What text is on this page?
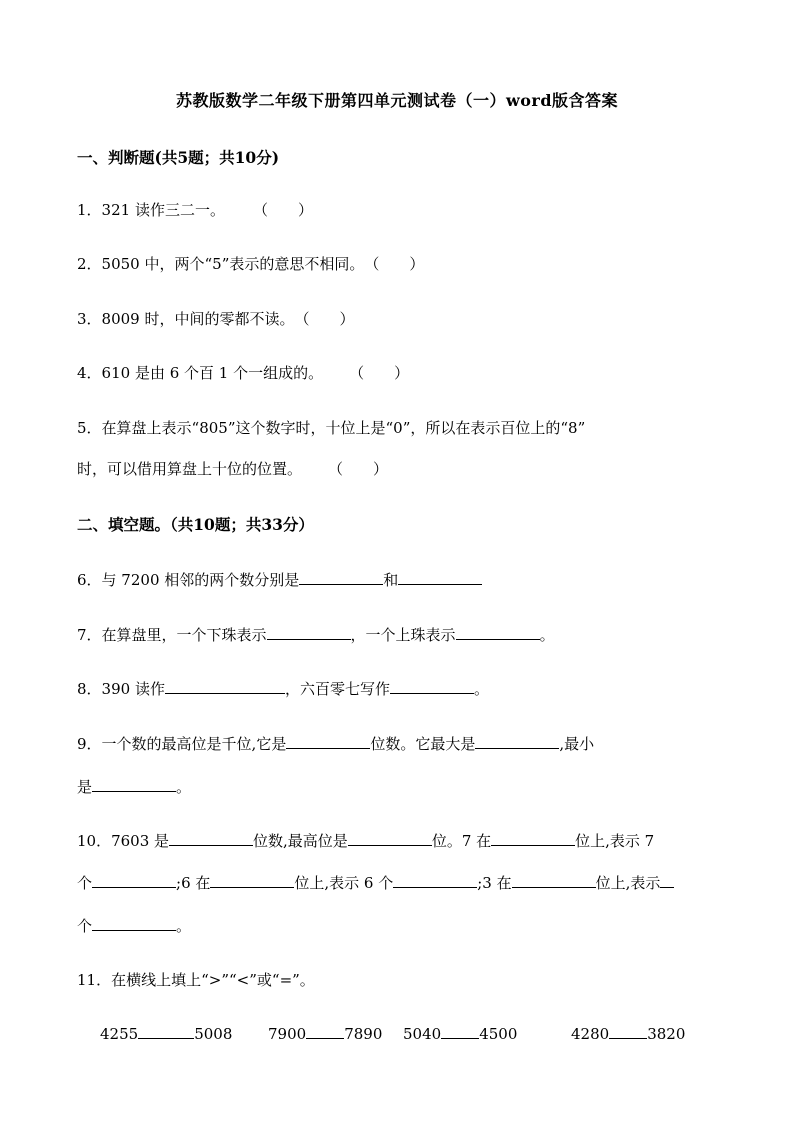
苏教版数学二年级下册第四单元测试卷（一）word版含答案
一、判断题(共5题；共10分)
1．321 读作三二一。 （　　）
2．5050 中，两个“5”表示的意思不相同。（　　）
3．8009 时，中间的零都不读。（　　）
4．610 是由 6 个百 1 个一组成的。 （　　）
5．在算盘上表示“805”这个数字时，十位上是“0”，所以在表示百位上的“8”
时，可以借用算盘上十位的位置。 （　　）
二、填空题。（共10题；共33分）
6．与 7200 相邻的两个数分别是	和
7．在算盘里，一个下珠表示	，一个上珠表示	。
8．390 读作	，六百零七写作	。
9．一个数的最高位是千位,它是	位数。它最大是	,最小
是	。
10．7603 是	位数,最高位是	位。7 在	位上,表示 7
个	;6 在	位上,表示 6 个	;3 在	位上,表示
个	。
11．在横线上填上“>”“<”或“=”。
4255	5008 7900	7890 5040	4500	4280	3820
